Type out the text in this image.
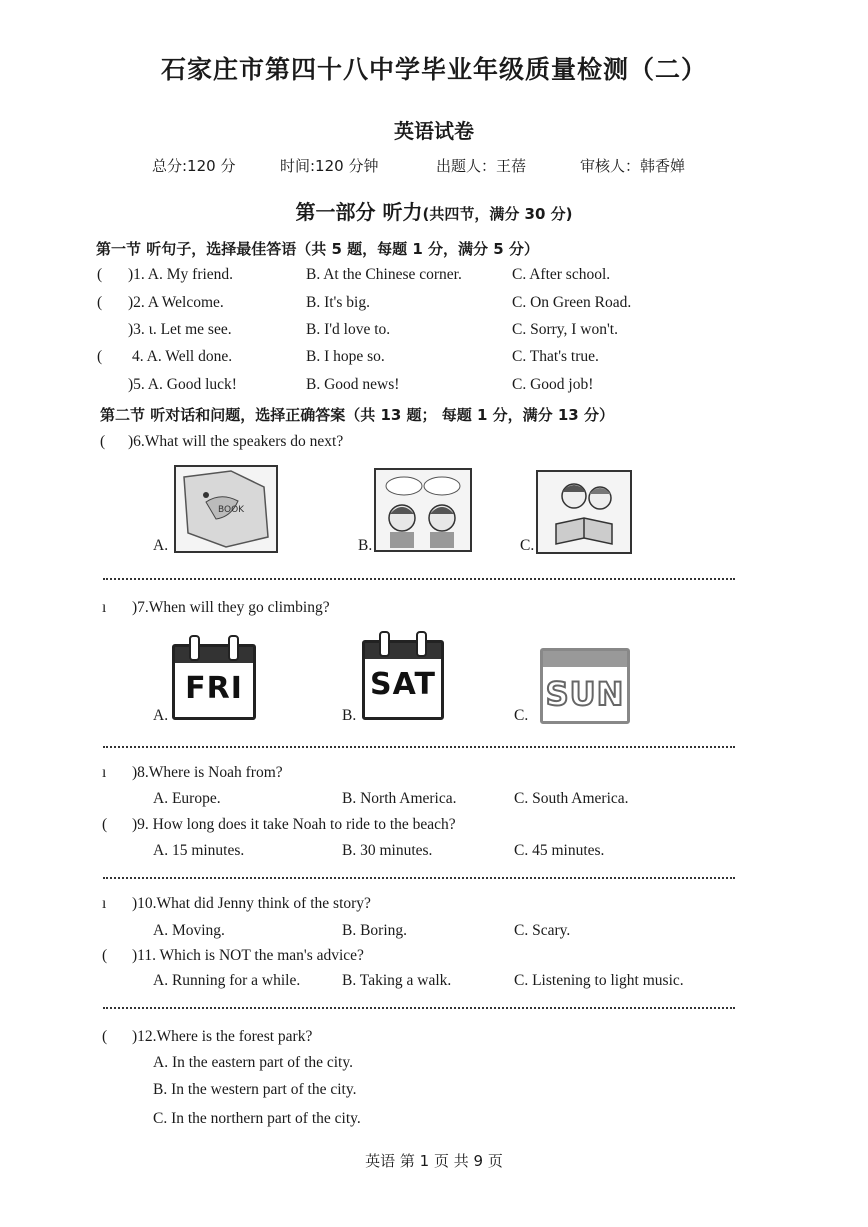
石家庄市第四十八中学毕业年级质量检测（二）
英语试卷
总分:120 分	时间:120 分钟	出题人：王蓓	审核人：韩香婵
第一部分 听力(共四节，满分 30 分)
第一节 听句子，选择最佳答语（共 5 题，每题 1 分，满分 5 分）
( )1. A. My friend.	B. At the Chinese corner.	C. After school.
( )2. A Welcome.	B. It's big.	C. On Green Road.
)3. ι. Let me see.	B. I'd love to.	C. Sorry, I won't.
( 4. A. Well done.	B. I hope so.	C. That's true.
)5. A. Good luck!	B. Good news!	C. Good job!
第二节 听对话和问题，选择正确答案（共 13 题； 每题 1 分，满分 13 分）
( )6.What will the speakers do next?
A.
BOOK
B.	C.
ı )7.When will they go climbing?
A.
FRI
B.
SAT
C.
SUN
ı )8.Where is Noah from?
A. Europe.	B. North America.	C. South America.
( )9. How long does it take Noah to ride to the beach?
A. 15 minutes.	B. 30 minutes.	C. 45 minutes.
ı )10.What did Jenny think of the story?
A. Moving.	B. Boring.	C. Scary.
( )11. Which is NOT the man's advice?
A. Running for a while.	B. Taking a walk.	C. Listening to light music.
( )12.Where is the forest park?
A. In the eastern part of the city.
B. In the western part of the city.
C. In the northern part of the city.
英语 第 1 页 共 9 页
